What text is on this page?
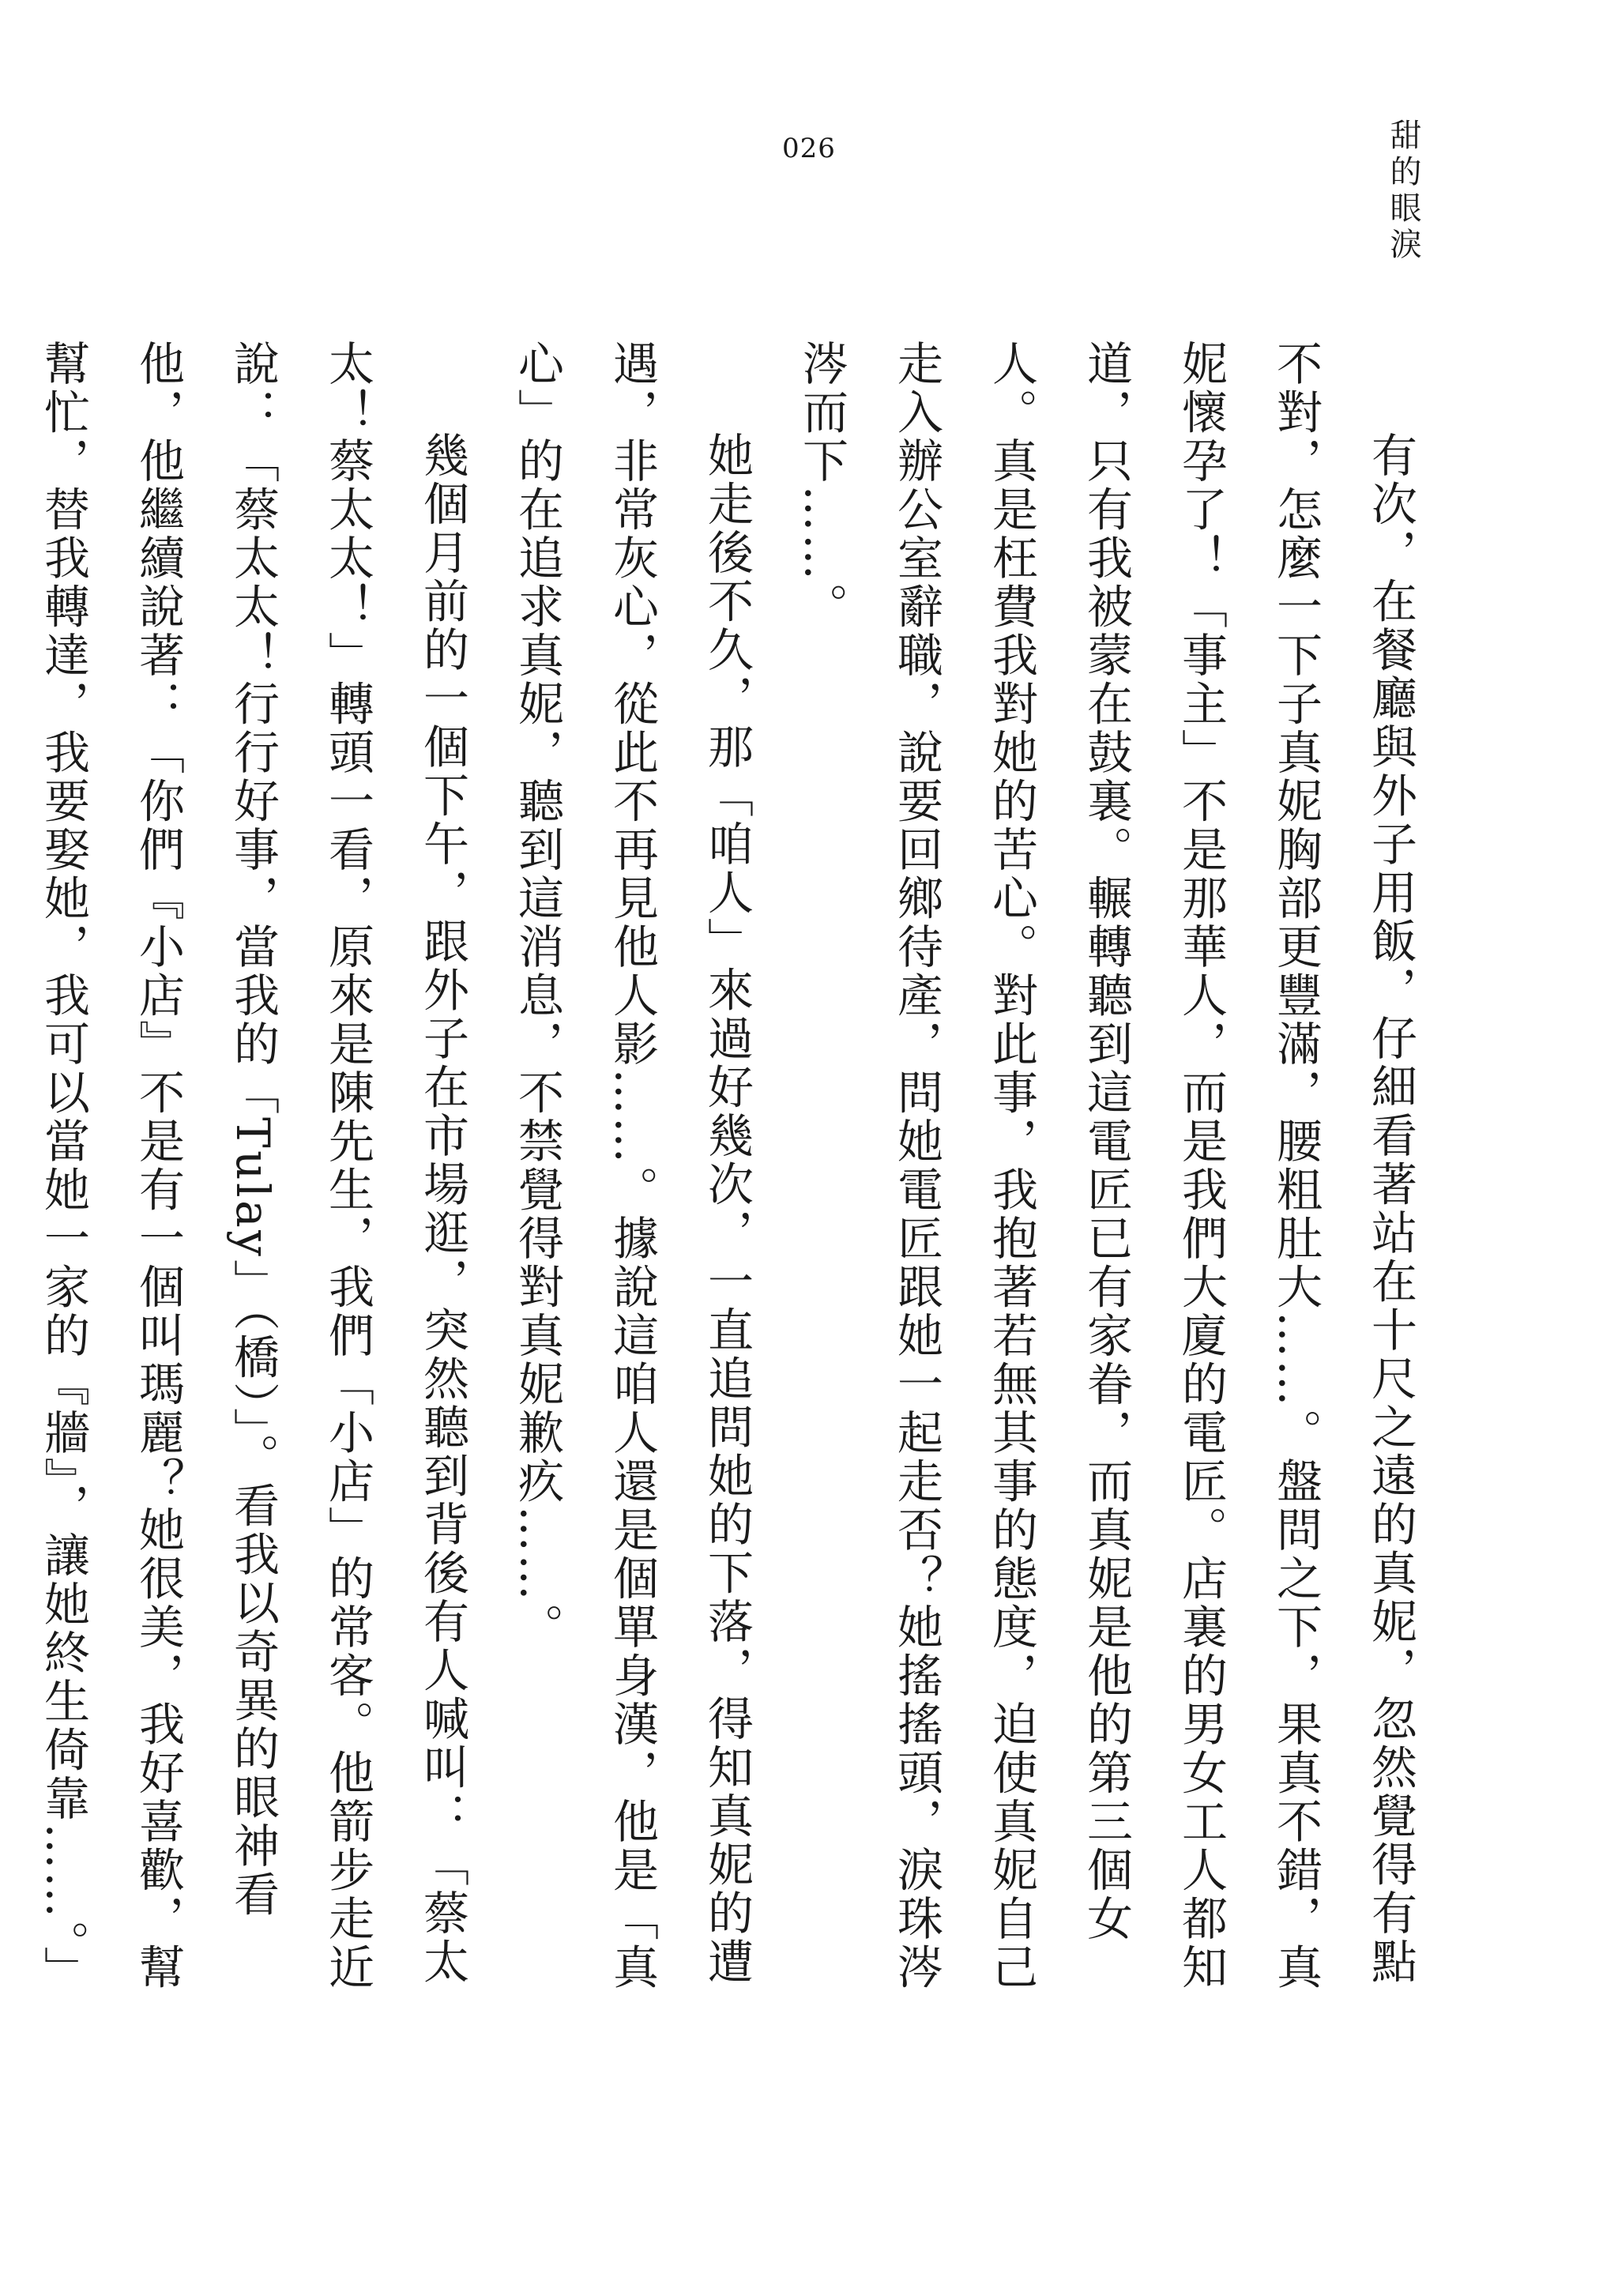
026	甜的眼淚

有次，在餐廳與外子用飯，仔細看著站在十尺之遠的真妮，忽然覺得有點不對，怎麼一下子真妮胸部更豐滿，腰粗肚大……。盤問之下，果真不錯，真妮懷孕了！「事主」不是那華人，而是我們大廈的電匠。店裏的男女工人都知道，只有我被蒙在鼓裏。輾轉聽到這電匠已有家眷，而真妮是他的第三個女人。真是枉費我對她的苦心。對此事，我抱著若無其事的態度，迫使真妮自己走入辦公室辭職，說要回鄉待產，問她電匠跟她一起走否？她搖搖頭，淚珠涔涔而下……。

她走後不久，那「咱人」來過好幾次，一直追問她的下落，得知真妮的遭遇，非常灰心，從此不再見他人影……。據說這咱人還是個單身漢，他是「真心」的在追求真妮，聽到這消息，不禁覺得對真妮歉疚……。

幾個月前的一個下午，跟外子在市場逛，突然聽到背後有人喊叫：「蔡太太！蔡太太！」轉頭一看，原來是陳先生，我們「小店」的常客。他箭步走近說：「蔡太太！行行好事，當我的「Tulay」（橋）」。看我以奇異的眼神看他，他繼續說著：「你們『小店』不是有一個叫瑪麗？她很美，我好喜歡，幫幫忙，替我轉達，我要娶她，我可以當她一家的『牆』，讓她終生倚靠……。」
